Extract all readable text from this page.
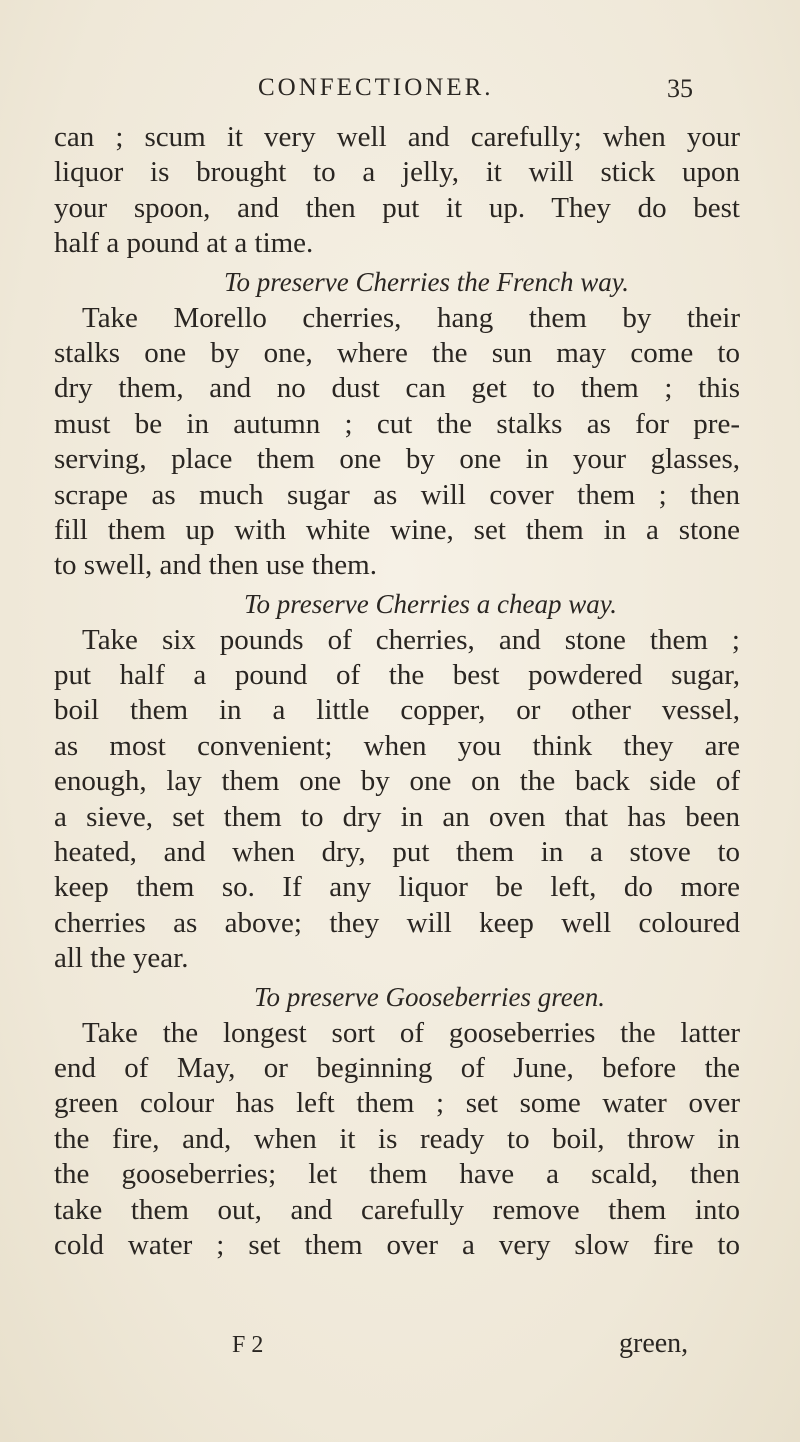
CONFECTIONER.	35
can ; scum it very well and carefully; when your
liquor is brought to a jelly, it will stick upon
your spoon, and then put it up. They do best
half a pound at a time.
To preserve Cherries the French way.
Take Morello cherries, hang them by their
stalks one by one, where the sun may come to
dry them, and no dust can get to them ; this
must be in autumn ; cut the stalks as for pre-
serving, place them one by one in your glasses,
scrape as much sugar as will cover them ; then
fill them up with white wine, set them in a stone
to swell, and then use them.
To preserve Cherries a cheap way.
Take six pounds of cherries, and stone them ;
put half a pound of the best powdered sugar,
boil them in a little copper, or other vessel,
as most convenient; when you think they are
enough, lay them one by one on the back side of
a sieve, set them to dry in an oven that has been
heated, and when dry, put them in a stove to
keep them so. If any liquor be left, do more
cherries as above; they will keep well coloured
all the year.
To preserve Gooseberries green.
Take the longest sort of gooseberries the latter
end of May, or beginning of June, before the
green colour has left them ; set some water over
the fire, and, when it is ready to boil, throw in
the gooseberries; let them have a scald, then
take them out, and carefully remove them into
cold water ; set them over a very slow fire to
F 2	green,
